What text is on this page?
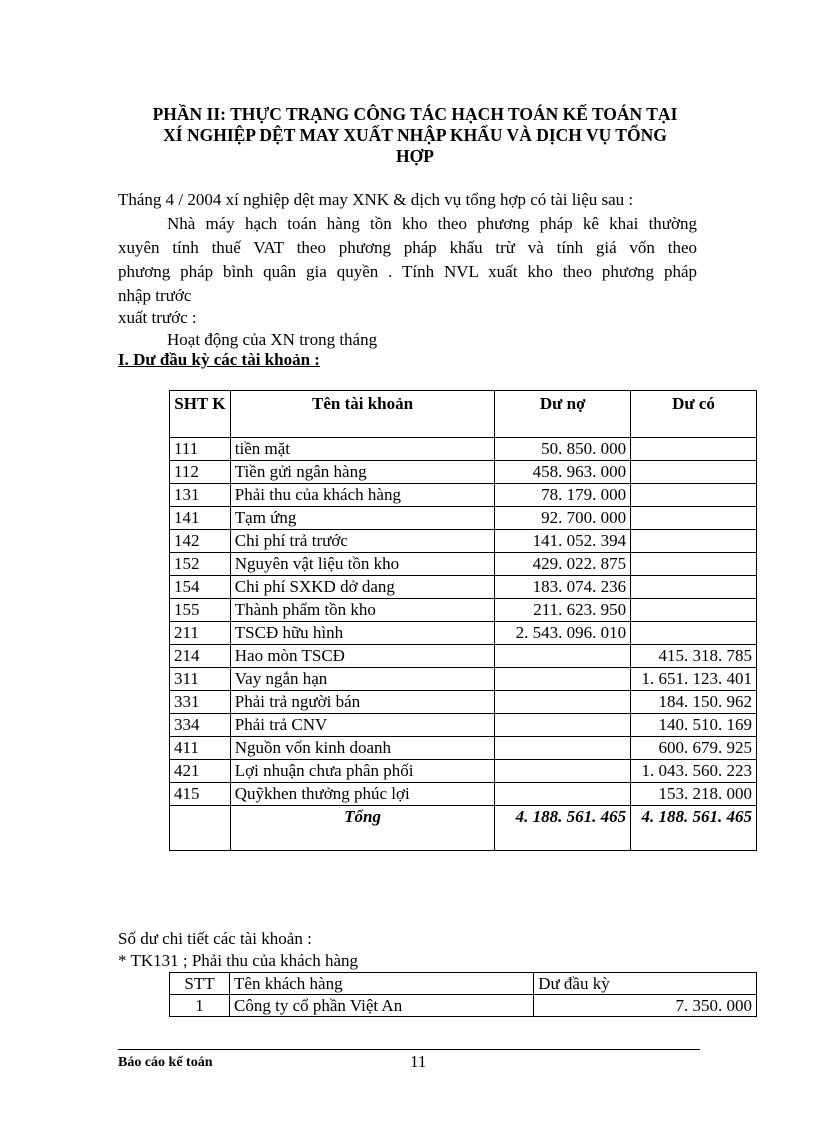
PHẦN II: THỰC TRẠNG CÔNG TÁC HẠCH TOÁN KẾ TOÁN TẠI
XÍ NGHIỆP DỆT MAY XUẤT NHẬP KHẨU VÀ DỊCH VỤ TỔNG
HỢP
Tháng 4 / 2004 xí nghiệp dệt may XNK & dịch vụ tổng hợp có tài liệu sau :
Nhà máy hạch toán hàng tồn kho theo phương pháp kê khai thường
xuyên tính thuế VAT theo phương pháp khấu trừ và tính giá vốn theo
phương pháp bình quân gia quyền . Tính NVL xuất kho theo phương pháp
nhập trước
xuất trước :
Hoạt động của XN trong tháng
I. Dư đầu kỳ các tài khoản :
SHT K	Tên tài khoản	Dư nợ	Dư có
111	tiền mặt	50. 850. 000	
112	Tiền gửi ngân hàng	458. 963. 000	
131	Phải thu của khách hàng	78. 179. 000	
141	Tạm ứng	92. 700. 000	
142	Chi phí trả trước	141. 052. 394	
152	Nguyên vật liệu tồn kho	429. 022. 875	
154	Chi phí SXKD dở dang	183. 074. 236	
155	Thành phẩm tồn kho	211. 623. 950	
211	TSCĐ hữu hình	2. 543. 096. 010	
214	Hao mòn TSCĐ		415. 318. 785
311	Vay ngắn hạn		1. 651. 123. 401
331	Phải trả người bán		184. 150. 962
334	Phải trả CNV		140. 510. 169
411	Nguồn vốn kinh doanh		600. 679. 925
421	Lợi nhuận chưa phân phối		1. 043. 560. 223
415	Quỹkhen thưởng phúc lợi		153. 218. 000
	Tổng	4. 188. 561. 465	4. 188. 561. 465
Số dư chi tiết các tài khoản :
* TK131 ; Phải thu của khách hàng
STT	Tên khách hàng	Dư đầu kỳ
1	Công ty cổ phần Việt An	7. 350. 000
Báo cáo kế toán	11
